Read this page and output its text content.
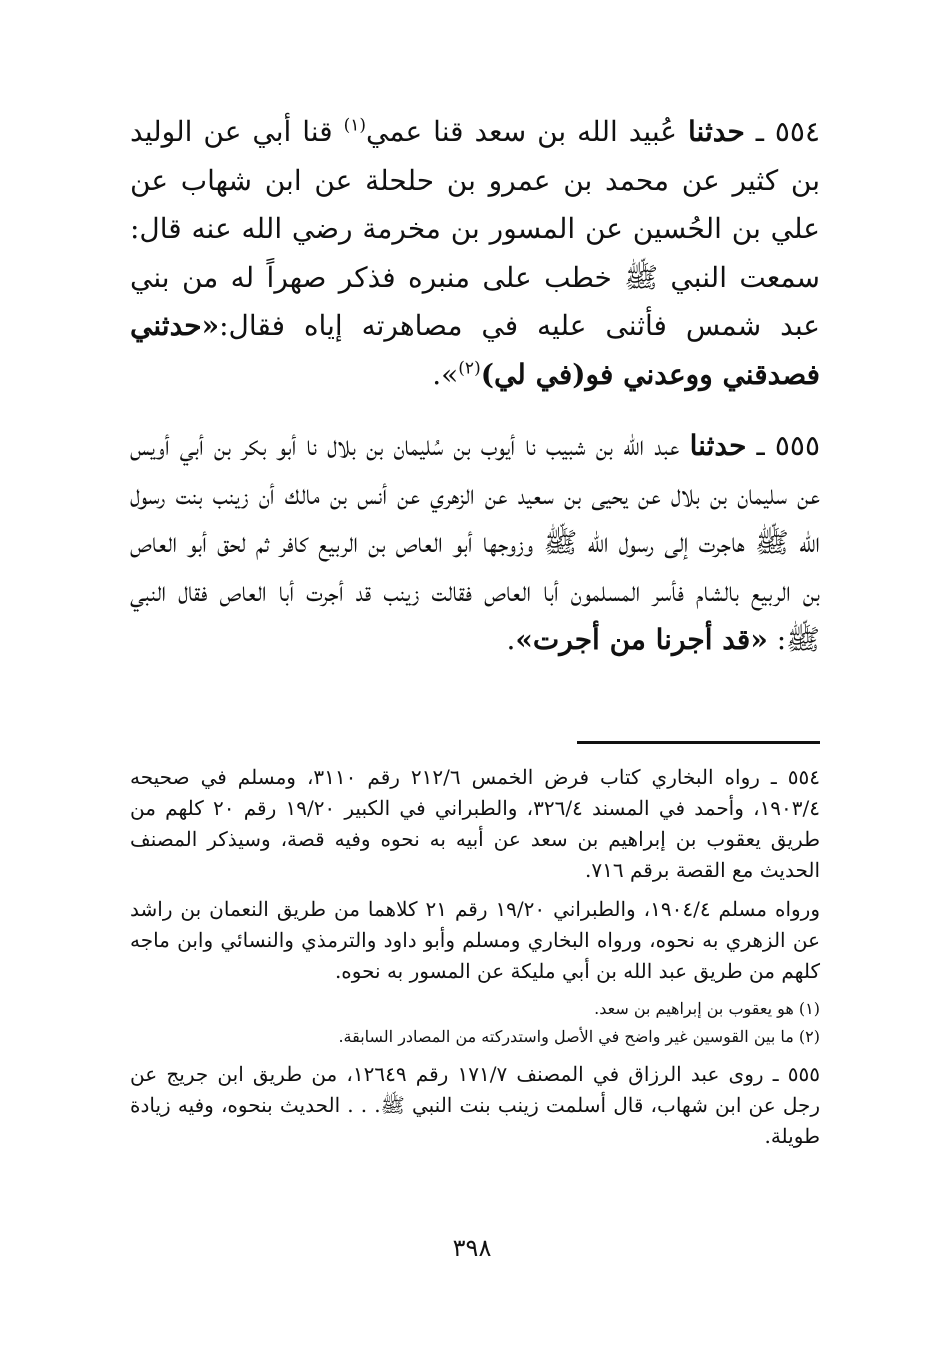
٥٥٤ ـ حدثنا عُبيد الله بن سعد قنا عمي$^{(١)}$ قنا أبي عن الوليد بن كثير عن محمد بن عمرو بن حلحلة عن ابن شهاب عن علي بن الحُسين عن المسور بن مخرمة رضي الله عنه قال: سمعت النبي ﷺ خطب على منبره فذكر صهراً له من بني عبد شمس فأثنى عليه في مصاهرته إياه فقال:«حدثني فصدقني ووعدني فو(في لي)$^{(٢)}$».

٥٥٥ ـ حدثنا عبد الله بن شبيب نا أيوب بن سُليمان بن بلال نا أبو بكر بن أبي أويس عن سليمان بن بلال عن يحيى بن سعيد عن الزهري عن أنس بن مالك أن زينب بنت رسول الله ﷺ هاجرت إلى رسول الله ﷺ وزوجها أبو العاص بن الربيع كافر ثم لحق أبو العاص بن الربيع بالشام فأسر المسلمون أبا العاص فقالت زينب قد أجرت أبا العاص فقال النبي ﷺ: «قد أجرنا من أجرت».

٥٥٤ ـ رواه البخاري كتاب فرض الخمس ٢١٢/٦ رقم ٣١١٠، ومسلم في صحيحه ١٩٠٣/٤، وأحمد في المسند ٣٢٦/٤، والطبراني في الكبير ١٩/٢٠ رقم ٢٠ كلهم من طريق يعقوب بن إبراهيم بن سعد عن أبيه به نحوه وفيه قصة، وسيذكر المصنف الحديث مع القصة برقم ٧١٦.

ورواه مسلم ١٩٠٤/٤، والطبراني ١٩/٢٠ رقم ٢١ كلاهما من طريق النعمان بن راشد عن الزهري به نحوه، ورواه البخاري ومسلم وأبو داود والترمذي والنسائي وابن ماجه كلهم من طريق عبد الله بن أبي مليكة عن المسور به نحوه.

(١) هو يعقوب بن إبراهيم بن سعد.

(٢) ما بين القوسين غير واضح في الأصل واستدركته من المصادر السابقة.

٥٥٥ ـ روى عبد الرزاق في المصنف ١٧١/٧ رقم ١٢٦٤٩، من طريق ابن جريج عن رجل عن ابن شهاب، قال أسلمت زينب بنت النبي ﷺ. . . الحديث بنحوه، وفيه زيادة طويلة.

٣٩٨
